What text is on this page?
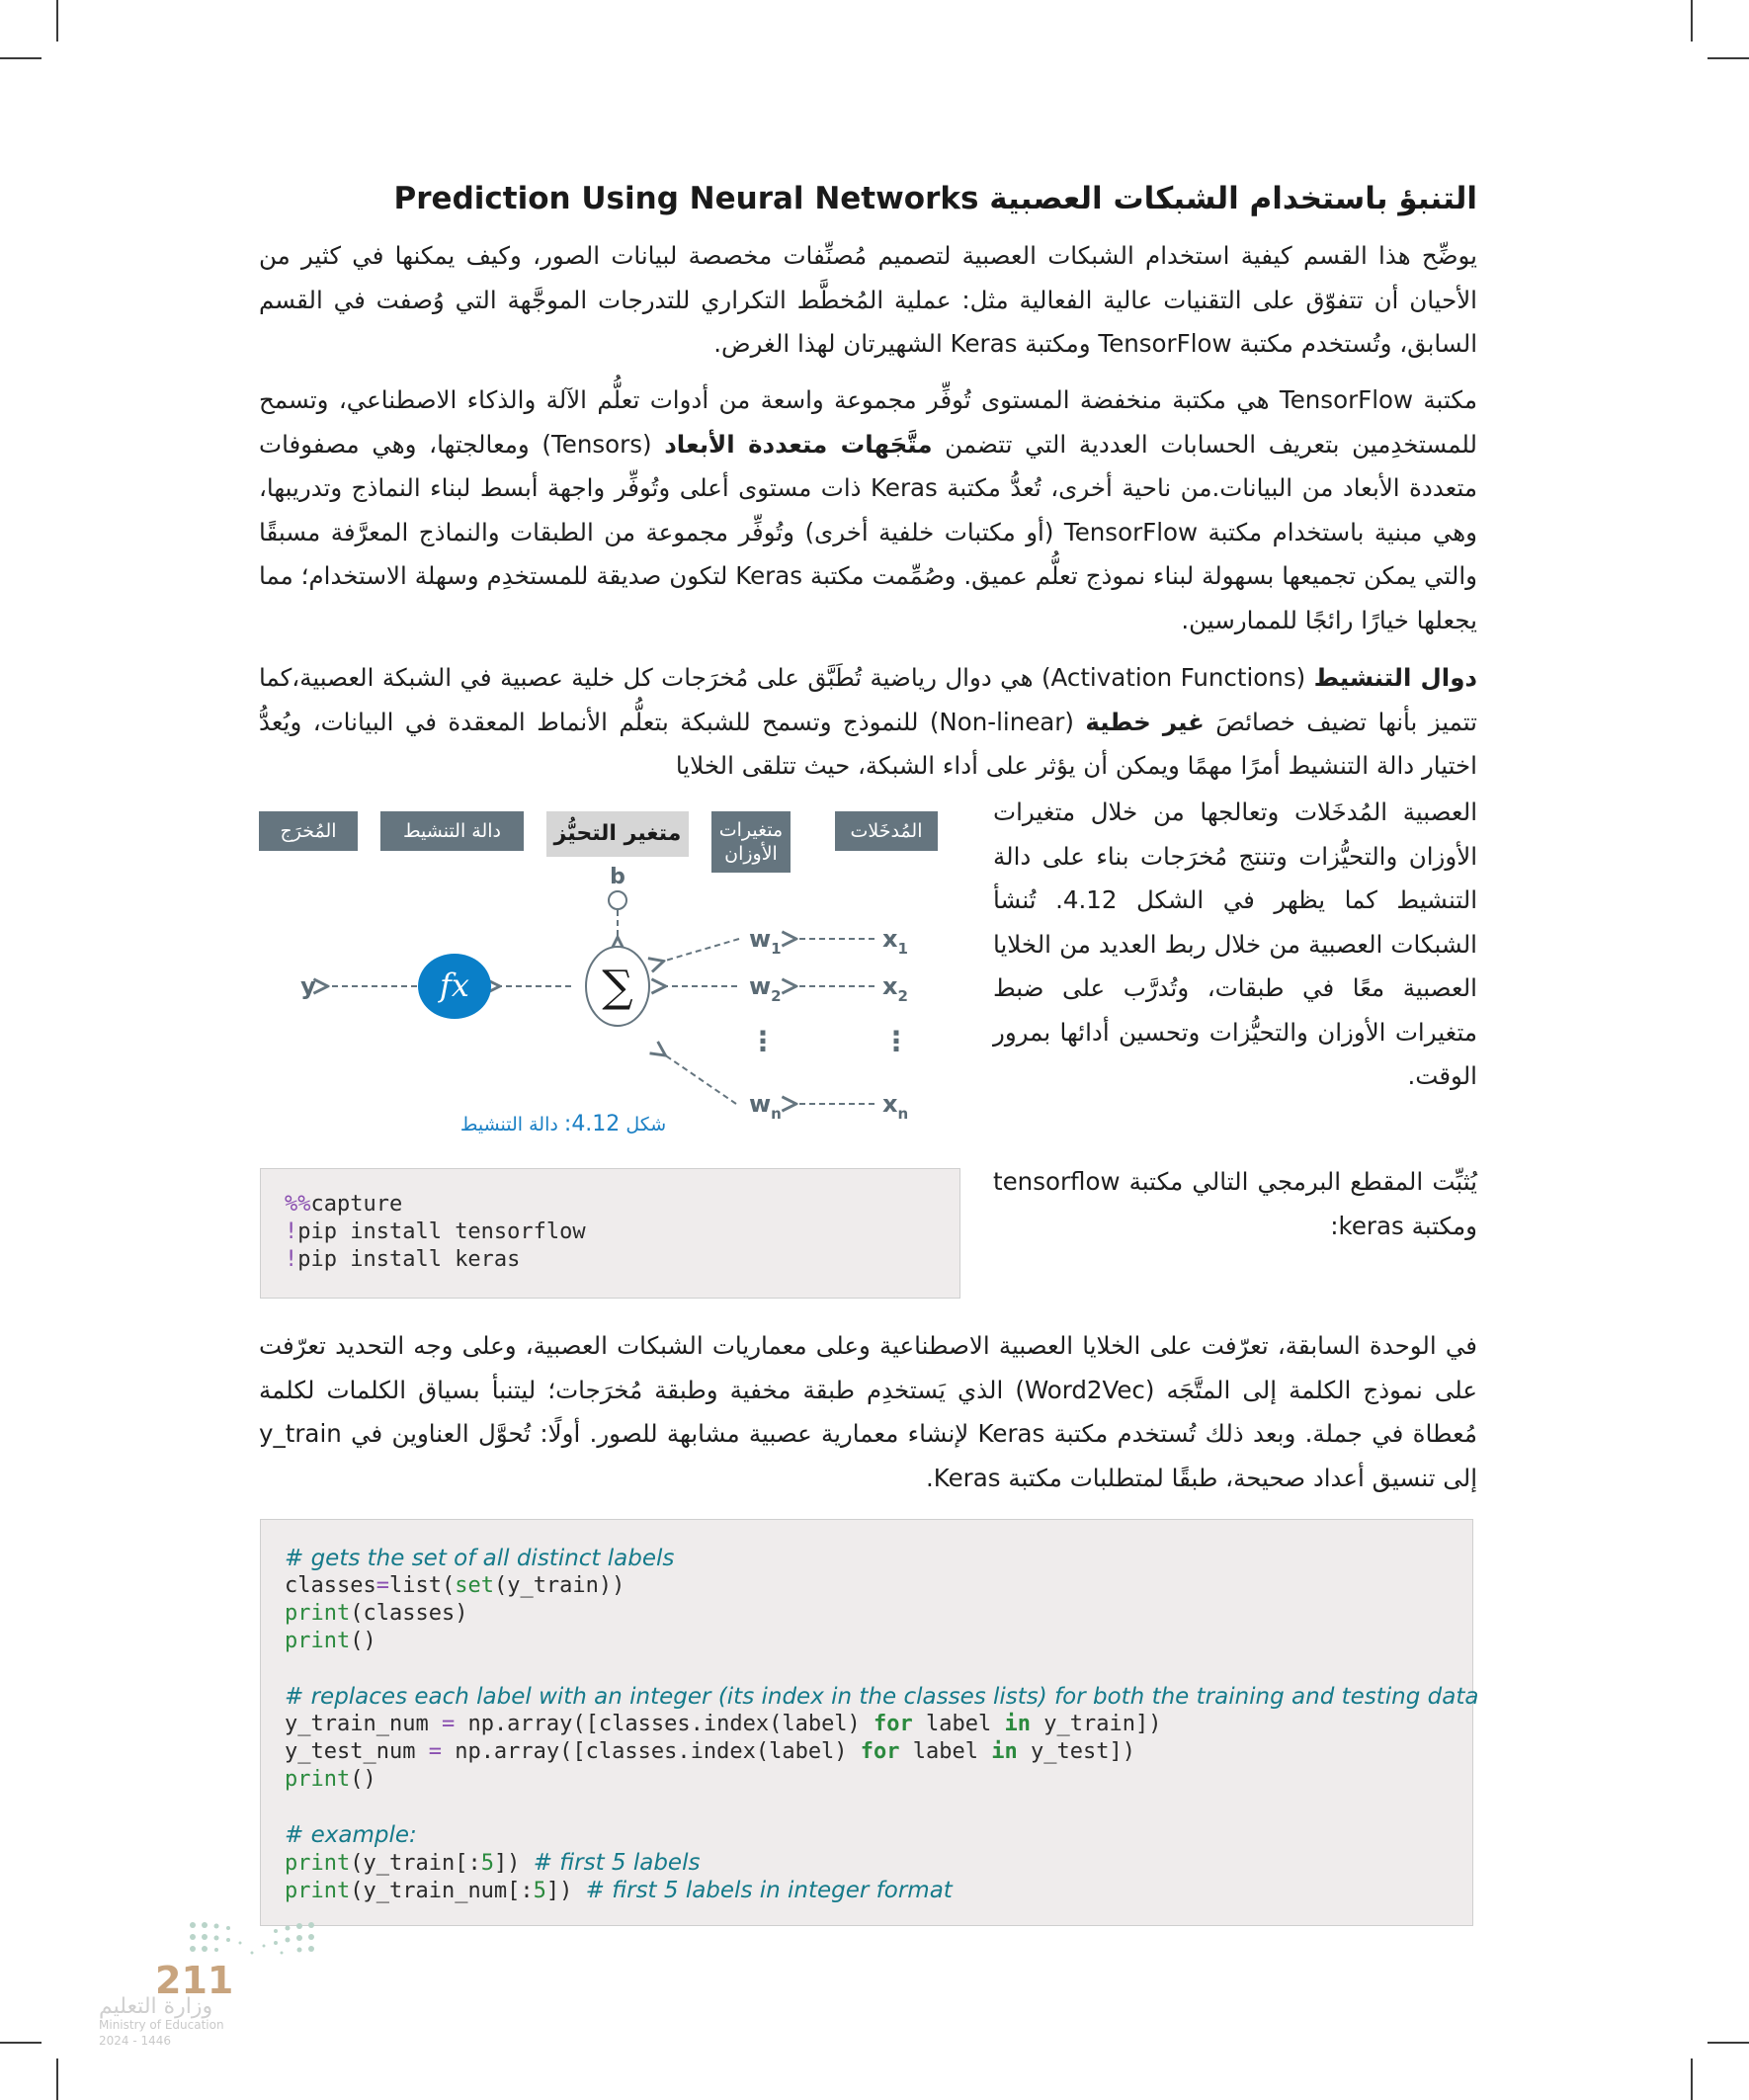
التنبؤ باستخدام الشبكات العصبية Prediction Using Neural Networks

يوضِّح هذا القسم كيفية استخدام الشبكات العصبية لتصميم مُصنِّفات مخصصة لبيانات الصور، وكيف يمكنها في كثير من الأحيان أن تتفوّق على التقنيات عالية الفعالية مثل: عملية المُخطَّط التكراري للتدرجات الموجَّهة التي وُصفت في القسم السابق، وتُستخدم مكتبة TensorFlow ومكتبة Keras الشهيرتان لهذا الغرض.

مكتبة TensorFlow هي مكتبة منخفضة المستوى تُوفِّر مجموعة واسعة من أدوات تعلُّم الآلة والذكاء الاصطناعي، وتسمح للمستخدِمين بتعريف الحسابات العددية التي تتضمن متَّجَهات متعددة الأبعاد (Tensors) ومعالجتها، وهي مصفوفات متعددة الأبعاد من البيانات.من ناحية أخرى، تُعدُّ مكتبة Keras ذات مستوى أعلى وتُوفِّر واجهة أبسط لبناء النماذج وتدريبها، وهي مبنية باستخدام مكتبة TensorFlow (أو مكتبات خلفية أخرى) وتُوفِّر مجموعة من الطبقات والنماذج المعرَّفة مسبقًا والتي يمكن تجميعها بسهولة لبناء نموذج تعلُّم عميق. وصُمِّمت مكتبة Keras لتكون صديقة للمستخدِم وسهلة الاستخدام؛ مما يجعلها خيارًا رائجًا للممارسين.

دوال التنشيط (Activation Functions) هي دوال رياضية تُطَبَّق على مُخرَجات كل خلية عصبية في الشبكة العصبية،كما تتميز بأنها تضيف خصائصَ غير خطية (Non-linear) للنموذج وتسمح للشبكة بتعلُّم الأنماط المعقدة في البيانات، ويُعدُّ اختيار دالة التنشيط أمرًا مهمًا ويمكن أن يؤثر على أداء الشبكة، حيث تتلقى الخلايا

العصبية المُدخَلات وتعالجها من خلال متغيرات الأوزان والتحيُّزات وتنتج مُخرَجات بناء على دالة التنشيط كما يظهر في الشكل 4.12. تُنشأ الشبكات العصبية من خلال ربط العديد من الخلايا العصبية معًا في طبقات، وتُدرَّب على ضبط متغيرات الأوزان والتحيُّزات وتحسين أدائها بمرور الوقت.

المُخرَج	دالة التنشيط متغير التحيُّز	متغيرات الأوزان
المُدخَلات
b
∑
fx
y
$w_1$
$w_2$
$w_n$
$x_1$
$x_2$
$x_n$
⋮	⋮
شكل 4.12: دالة التنشيط

يُثبِّت المقطع البرمجي التالي مكتبة tensorflow ومكتبة keras:

%%capture
!pip install tensorflow
!pip install keras

في الوحدة السابقة، تعرّفت على الخلايا العصبية الاصطناعية وعلى معماريات الشبكات العصبية، وعلى وجه التحديد تعرّفت على نموذج الكلمة إلى المتَّجَه (Word2Vec) الذي يَستخدِم طبقة مخفية وطبقة مُخرَجات؛ ليتنبأ بسياق الكلمات لكلمة مُعطاة في جملة. وبعد ذلك تُستخدم مكتبة Keras لإنشاء معمارية عصبية مشابهة للصور. أولًا: تُحوَّل العناوين في y_train إلى تنسيق أعداد صحيحة، طبقًا لمتطلبات مكتبة Keras.

# gets the set of all distinct labels
classes=list(set(y_train))
print(classes)
print()
# replaces each label with an integer (its index in the classes lists) for both the training and testing data
y_train_num = np.array([classes.index(label) for label in y_train])
y_test_num = np.array([classes.index(label) for label in y_test])
print()
# example:
print(y_train[:5]) # first 5 labels
print(y_train_num[:5]) # first 5 labels in integer format
211
وزارة التعليم
Ministry of Education
2024 - 1446
